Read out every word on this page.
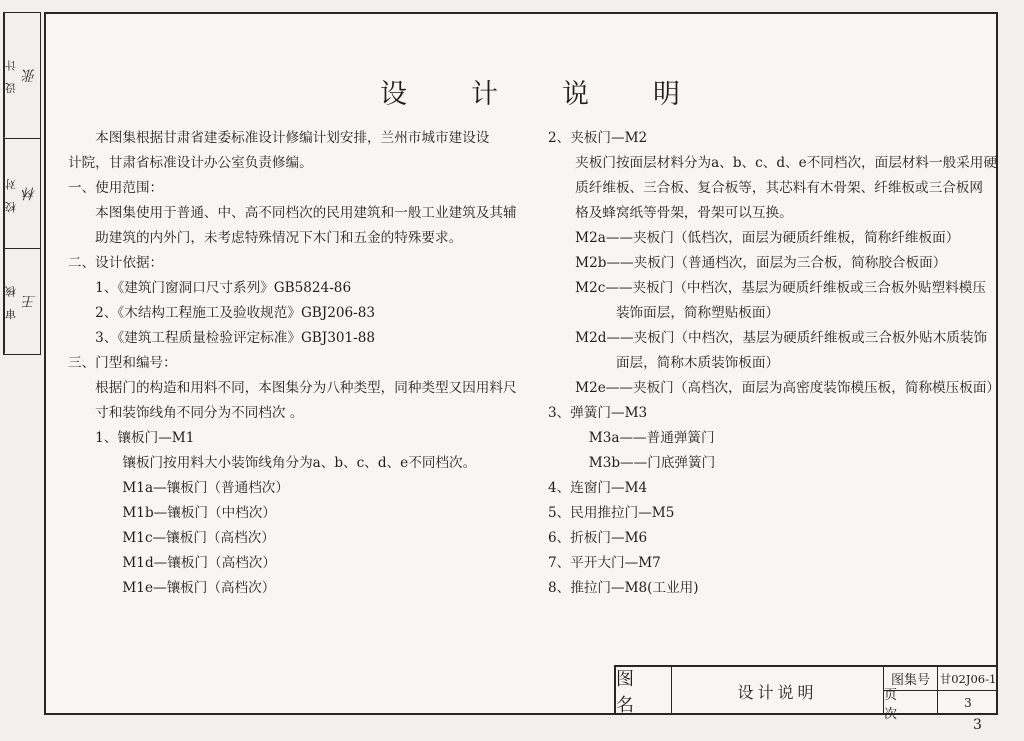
设 计 张
校 对 林
审 核 王
设 计 说 明
　　本图集根据甘肃省建委标准设计修编计划安排，兰州市城市建设设
计院，甘肃省标准设计办公室负责修编。
一、使用范围：
　　本图集使用于普通、中、高不同档次的民用建筑和一般工业建筑及其辅
　　助建筑的内外门，未考虑特殊情况下木门和五金的特殊要求。
二、设计依据：
　　1、《建筑门窗洞口尺寸系列》GB5824-86
　　2、《木结构工程施工及验收规范》GBJ206-83
　　3、《建筑工程质量检验评定标准》GBJ301-88
三、门型和编号：
　　根据门的构造和用料不同，本图集分为八种类型，同种类型又因用料尺
　　寸和装饰线角不同分为不同档次 。
　　1、镶板门—M1
　　　　镶板门按用料大小装饰线角分为a、b、c、d、e不同档次。
　　　　M1a—镶板门（普通档次）
　　　　M1b—镶板门（中档次）
　　　　M1c—镶板门（高档次）
　　　　M1d—镶板门（高档次）
　　　　M1e—镶板门（高档次）
2、夹板门—M2
　　夹板门按面层材料分为a、b、c、d、e不同档次，面层材料一般采用硬
　　质纤维板、三合板、复合板等，其芯料有木骨架、纤维板或三合板网
　　格及蜂窝纸等骨架，骨架可以互换。
　　M2a——夹板门（低档次，面层为硬质纤维板，简称纤维板面）
　　M2b——夹板门（普通档次，面层为三合板，简称胶合板面）
　　M2c——夹板门（中档次，基层为硬质纤维板或三合板外贴塑料模压
　　　　　装饰面层，简称塑贴板面）
　　M2d——夹板门（中档次，基层为硬质纤维板或三合板外贴木质装饰
　　　　　面层，简称木质装饰板面）
　　M2e——夹板门（高档次，面层为高密度装饰模压板，简称模压板面）
3、弹簧门—M3
　　　M3a——普通弹簧门
　　　M3b——门底弹簧门
4、连窗门—M4
5、民用推拉门—M5
6、折板门—M6
7、平开大门—M7
8、推拉门—M8(工业用)
图 名
设计说明
图集号 甘02J06-1
页 次
3
3
